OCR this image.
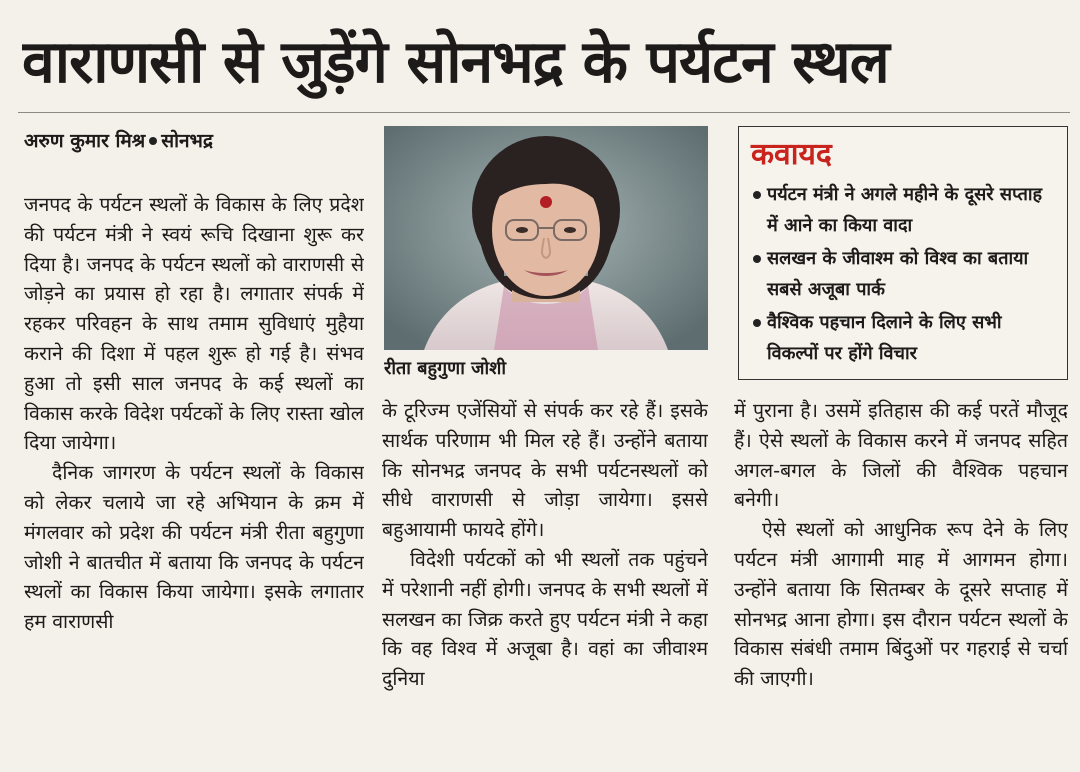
वाराणसी से जुड़ेंगे सोनभद्र के पर्यटन स्थल
अरुण कुमार मिश्र सोनभद्र

जनपद के पर्यटन स्थलों के विकास के लिए प्रदेश की पर्यटन मंत्री ने स्वयं रूचि दिखाना शुरू कर दिया है। जनपद के पर्यटन स्थलों को वाराणसी से जोड़ने का प्रयास हो रहा है। लगातार संपर्क में रहकर परिवहन के साथ तमाम सुविधाएं मुहैया कराने की दिशा में पहल शुरू हो गई है। संभव हुआ तो इसी साल जनपद के कई स्थलों का विकास करके विदेश पर्यटकों के लिए रास्ता खोल दिया जायेगा।

दैनिक जागरण के पर्यटन स्थलों के विकास को लेकर चलाये जा रहे अभियान के क्रम में मंगलवार को प्रदेश की पर्यटन मंत्री रीता बहुगुणा जोशी ने बातचीत में बताया कि जनपद के पर्यटन स्थलों का विकास किया जायेगा। इसके लगातार हम वाराणसी

रीता बहुगुणा जोशी
कवायद
पर्यटन मंत्री ने अगले महीने के दूसरे सप्ताह में आने का किया वादा
सलखन के जीवाश्म को विश्व का बताया सबसे अजूबा पार्क
वैश्विक पहचान दिलाने के लिए सभी विकल्पों पर होंगे विचार

के टूरिज्म एजेंसियों से संपर्क कर रहे हैं। इसके सार्थक परिणाम भी मिल रहे हैं। उन्होंने बताया कि सोनभद्र जनपद के सभी पर्यटनस्थलों को सीधे वाराणसी से जोड़ा जायेगा। इससे बहुआयामी फायदे होंगे।

विदेशी पर्यटकों को भी स्थलों तक पहुंचने में परेशानी नहीं होगी। जनपद के सभी स्थलों में सलखन का जिक्र करते हुए पर्यटन मंत्री ने कहा कि वह विश्व में अजूबा है। वहां का जीवाश्म दुनिया

में पुराना है। उसमें इतिहास की कई परतें मौजूद हैं। ऐसे स्थलों के विकास करने में जनपद सहित अगल-बगल के जिलों की वैश्विक पहचान बनेगी।

ऐसे स्थलों को आधुनिक रूप देने के लिए पर्यटन मंत्री आगामी माह में आगमन होगा। उन्होंने बताया कि सितम्बर के दूसरे सप्ताह में सोनभद्र आना होगा। इस दौरान पर्यटन स्थलों के विकास संबंधी तमाम बिंदुओं पर गहराई से चर्चा की जाएगी।
